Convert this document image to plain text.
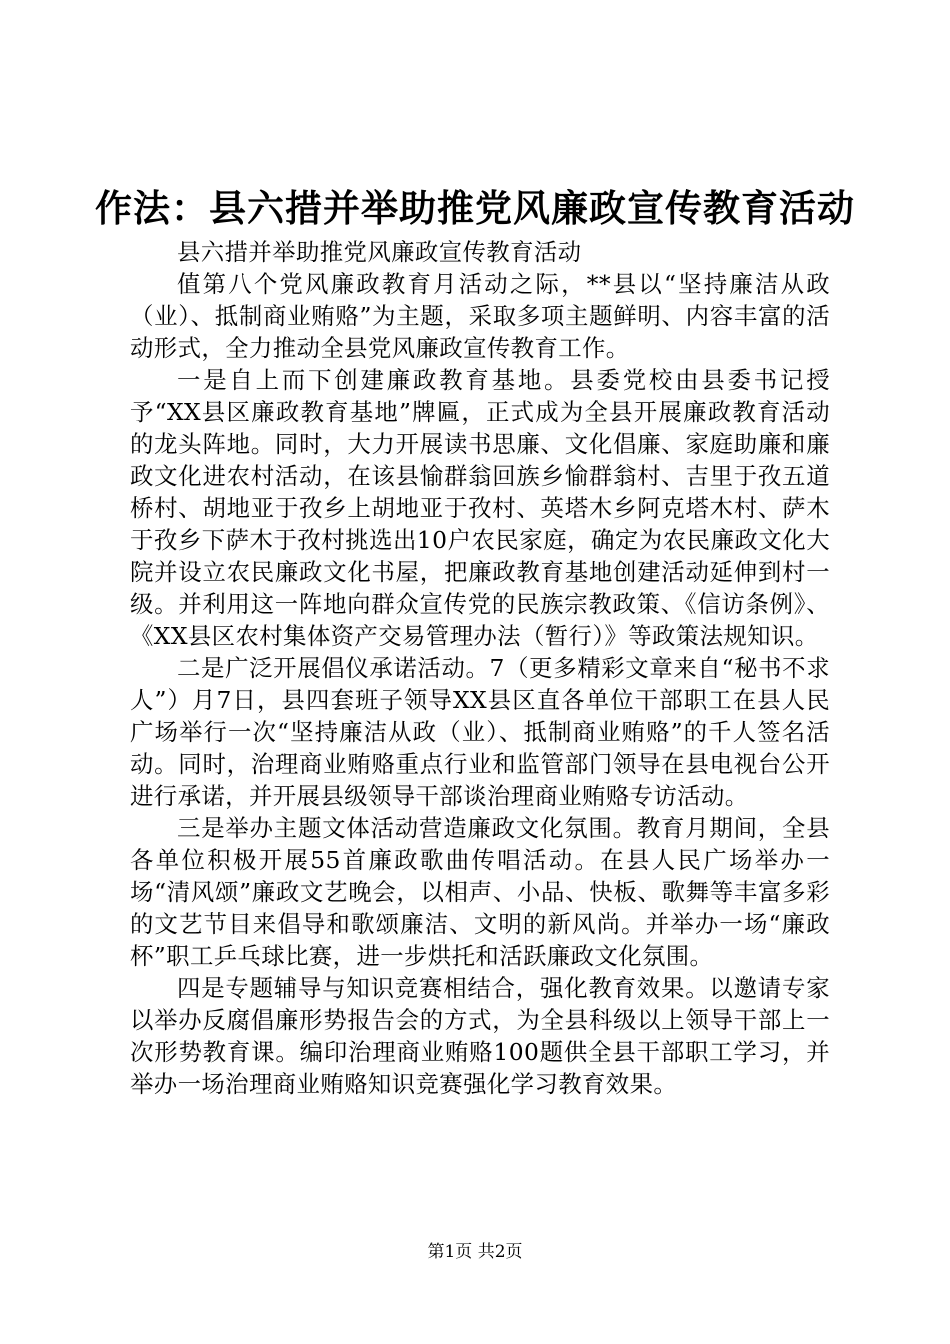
作法：县六措并举助推党风廉政宣传教育活动

县六措并举助推党风廉政宣传教育活动

值第八个党风廉政教育月活动之际，**县以“坚持廉洁从政（业）、抵制商业贿赂”为主题，采取多项主题鲜明、内容丰富的活动形式，全力推动全县党风廉政宣传教育工作。

一是自上而下创建廉政教育基地。县委党校由县委书记授予“XX县区廉政教育基地”牌匾，正式成为全县开展廉政教育活动的龙头阵地。同时，大力开展读书思廉、文化倡廉、家庭助廉和廉政文化进农村活动，在该县愉群翁回族乡愉群翁村、吉里于孜五道桥村、胡地亚于孜乡上胡地亚于孜村、英塔木乡阿克塔木村、萨木于孜乡下萨木于孜村挑选出10户农民家庭，确定为农民廉政文化大院并设立农民廉政文化书屋，把廉政教育基地创建活动延伸到村一级。并利用这一阵地向群众宣传党的民族宗教政策、《信访条例》、《XX县区农村集体资产交易管理办法（暂行）》等政策法规知识。

二是广泛开展倡仪承诺活动。7（更多精彩文章来自“秘书不求人”）月7日，县四套班子领导XX县区直各单位干部职工在县人民广场举行一次“坚持廉洁从政（业）、抵制商业贿赂”的千人签名活动。同时，治理商业贿赂重点行业和监管部门领导在县电视台公开进行承诺，并开展县级领导干部谈治理商业贿赂专访活动。

三是举办主题文体活动营造廉政文化氛围。教育月期间，全县各单位积极开展55首廉政歌曲传唱活动。在县人民广场举办一场“清风颂”廉政文艺晚会，以相声、小品、快板、歌舞等丰富多彩的文艺节目来倡导和歌颂廉洁、文明的新风尚。并举办一场“廉政杯”职工乒乓球比赛，进一步烘托和活跃廉政文化氛围。

四是专题辅导与知识竞赛相结合，强化教育效果。以邀请专家以举办反腐倡廉形势报告会的方式，为全县科级以上领导干部上一次形势教育课。编印治理商业贿赂100题供全县干部职工学习，并举办一场治理商业贿赂知识竞赛强化学习教育效果。

第1页 共2页
